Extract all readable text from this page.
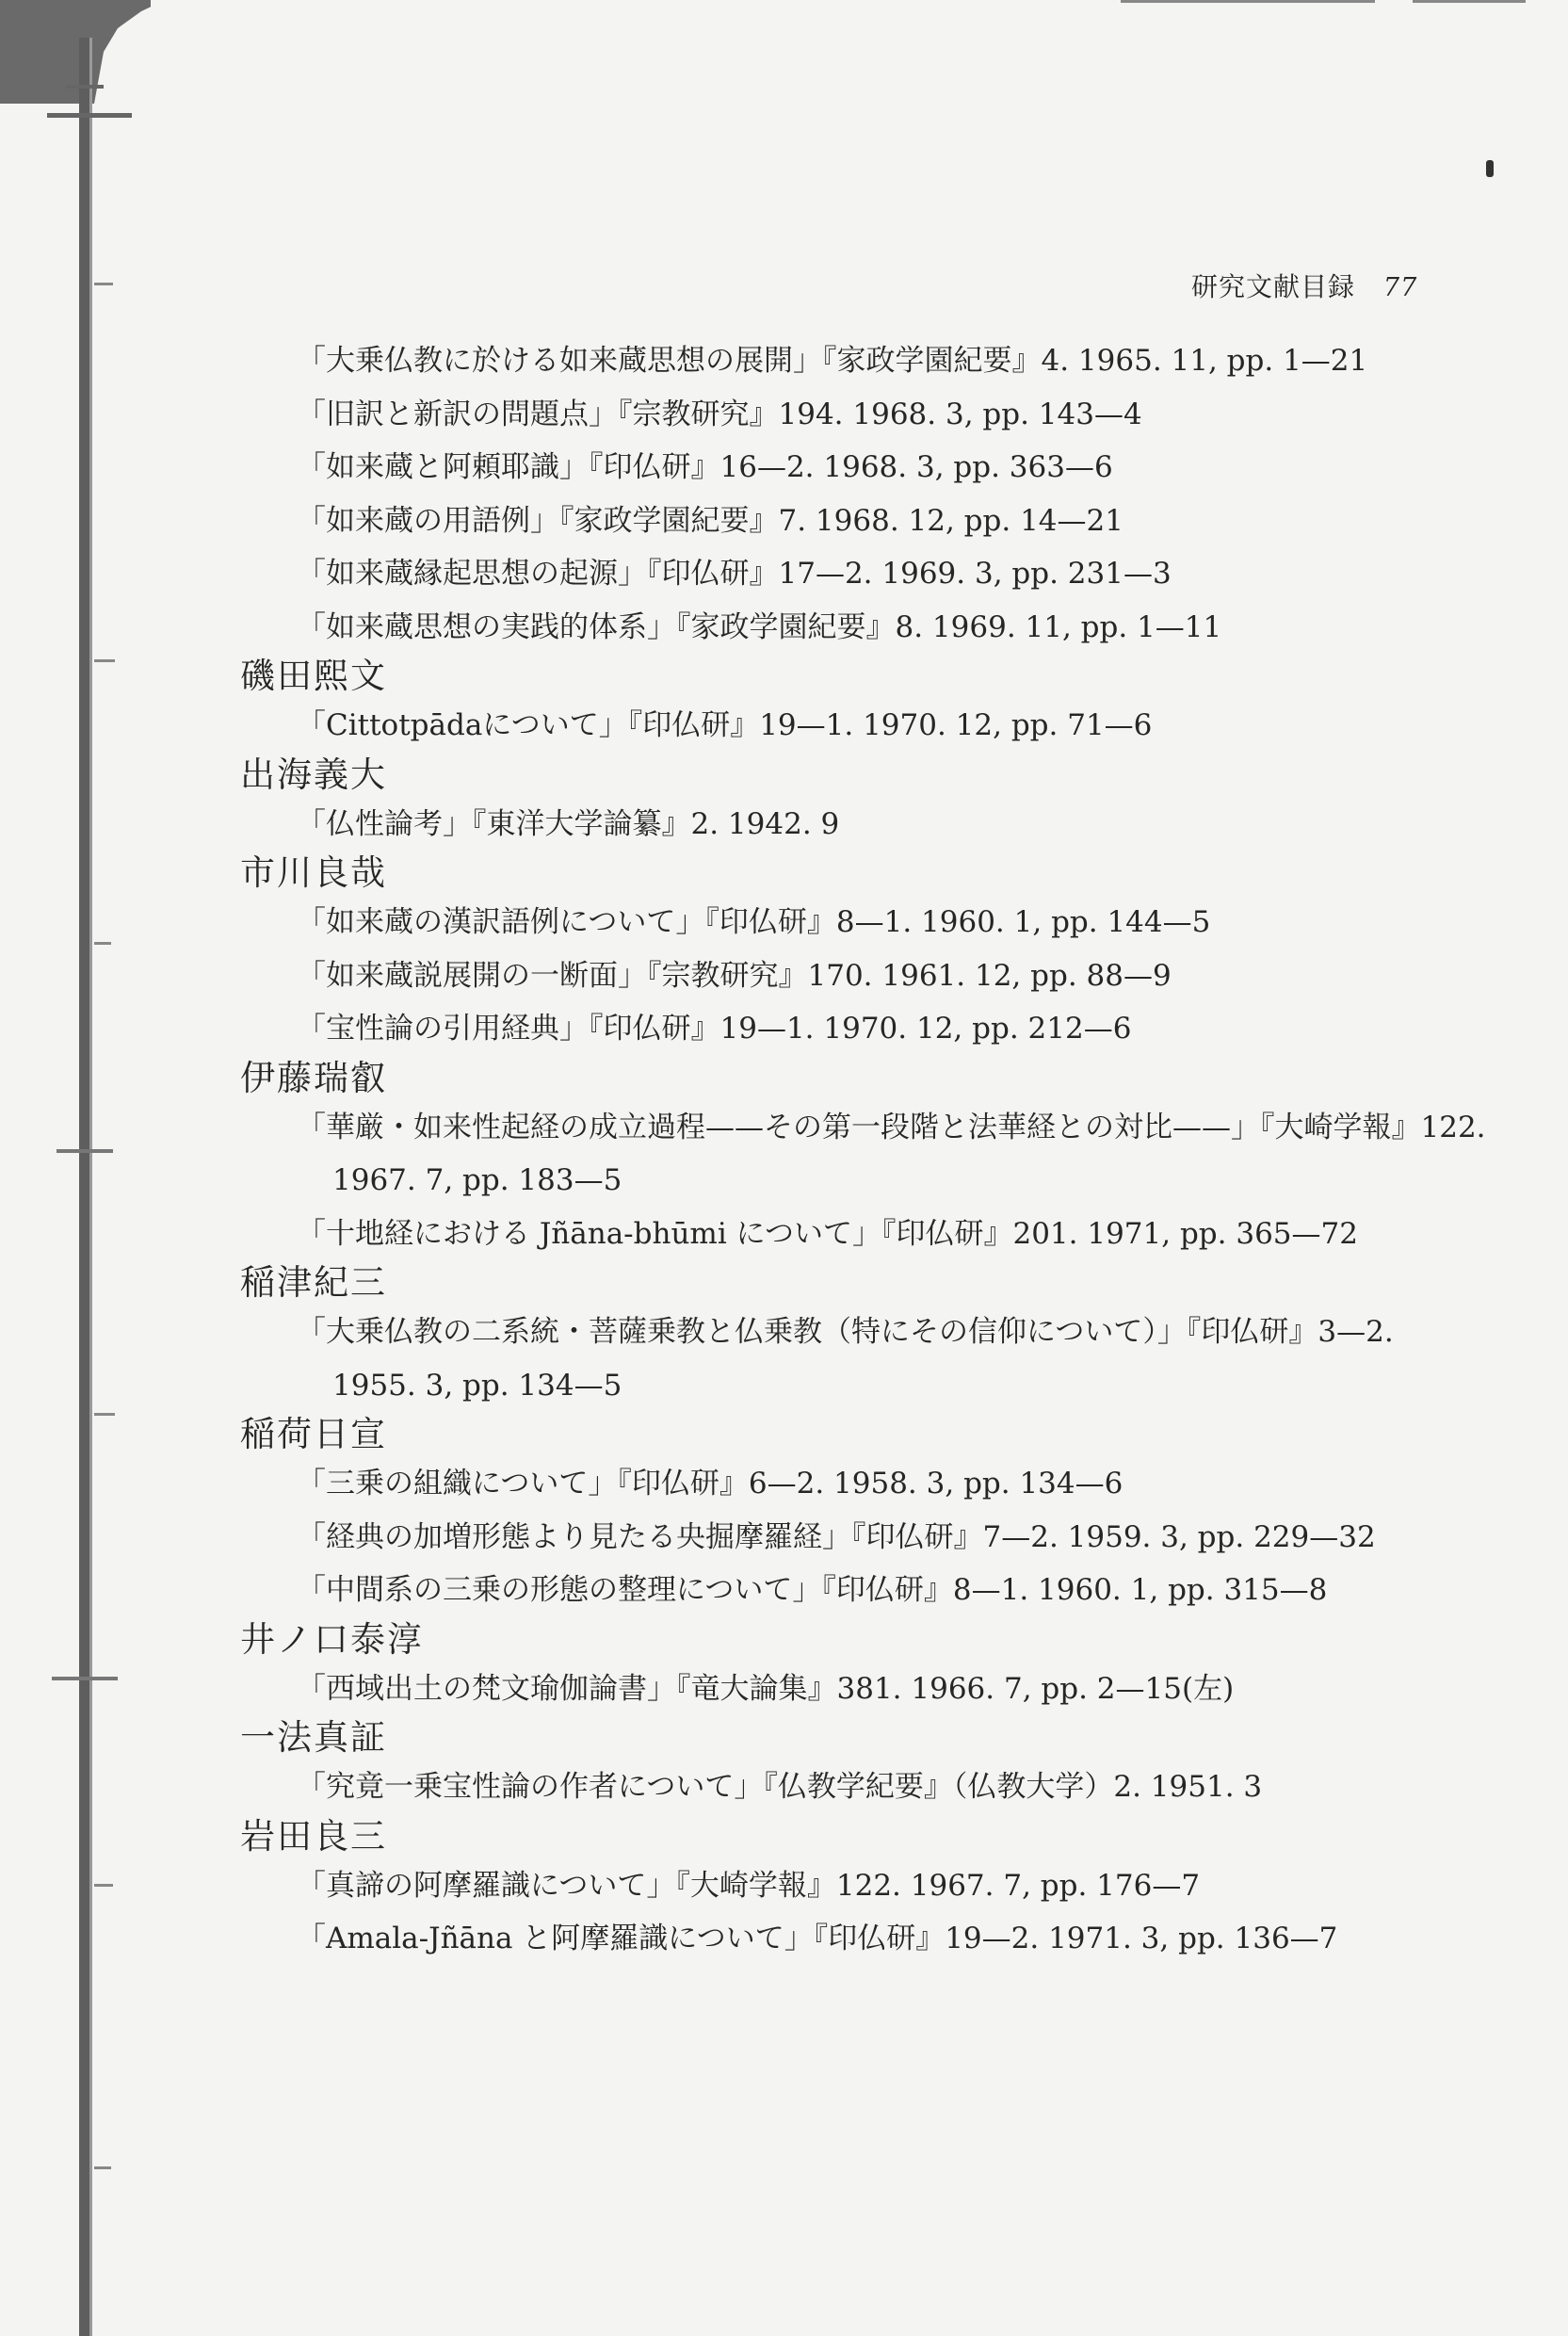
研究文献目録 77
「大乗仏教に於ける如来蔵思想の展開」『家政学園紀要』4. 1965. 11, pp. 1—21
「旧訳と新訳の問題点」『宗教研究』194. 1968. 3, pp. 143—4
「如来蔵と阿頼耶識」『印仏研』16—2. 1968. 3, pp. 363—6
「如来蔵の用語例」『家政学園紀要』7. 1968. 12, pp. 14—21
「如来蔵縁起思想の起源」『印仏研』17—2. 1969. 3, pp. 231—3
「如来蔵思想の実践的体系」『家政学園紀要』8. 1969. 11, pp. 1—11
磯田熙文
「Cittotpādaについて」『印仏研』19—1. 1970. 12, pp. 71—6
出海義大
「仏性論考」『東洋大学論纂』2. 1942. 9
市川良哉
「如来蔵の漢訳語例について」『印仏研』8—1. 1960. 1, pp. 144—5
「如来蔵説展開の一断面」『宗教研究』170. 1961. 12, pp. 88—9
「宝性論の引用経典」『印仏研』19—1. 1970. 12, pp. 212—6
伊藤瑞叡
「華厳・如来性起経の成立過程——その第一段階と法華経との対比——」『大崎学報』122.
1967. 7, pp. 183—5
「十地経における Jñāna-bhūmi について」『印仏研』201. 1971, pp. 365—72
稲津紀三
「大乗仏教の二系統・菩薩乗教と仏乗教（特にその信仰について）」『印仏研』3—2.
1955. 3, pp. 134—5
稲荷日宣
「三乗の組織について」『印仏研』6—2. 1958. 3, pp. 134—6
「経典の加増形態より見たる央掘摩羅経」『印仏研』7—2. 1959. 3, pp. 229—32
「中間系の三乗の形態の整理について」『印仏研』8—1. 1960. 1, pp. 315—8
井ノ口泰淳
「西域出土の梵文瑜伽論書」『竜大論集』381. 1966. 7, pp. 2—15(左)
一法真証
「究竟一乗宝性論の作者について」『仏教学紀要』（仏教大学）2. 1951. 3
岩田良三
「真諦の阿摩羅識について」『大崎学報』122. 1967. 7, pp. 176—7
「Amala-Jñāna と阿摩羅識について」『印仏研』19—2. 1971. 3, pp. 136—7
